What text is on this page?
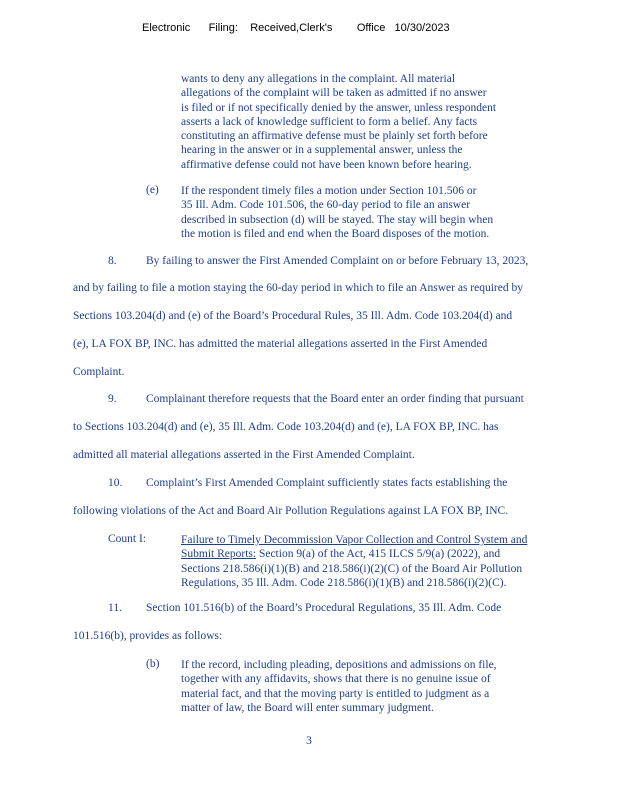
Electronic      Filing:    Received,Clerk's        Office   10/30/2023
wants to deny any allegations in the complaint. All material
allegations of the complaint will be taken as admitted if no answer
is filed or if not specifically denied by the answer, unless respondent
asserts a lack of knowledge sufficient to form a belief. Any facts
constituting an affirmative defense must be plainly set forth before
hearing in the answer or in a supplemental answer, unless the
affirmative defense could not have been known before hearing.
(e) If the respondent timely files a motion under Section 101.506 or
35 Ill. Adm. Code 101.506, the 60-day period to file an answer
described in subsection (d) will be stayed. The stay will begin when
the motion is filed and end when the Board disposes of the motion.
8.	By failing to answer the First Amended Complaint on or before February 13, 2023,
and by failing to file a motion staying the 60-day period in which to file an Answer as required by
Sections 103.204(d) and (e) of the Board’s Procedural Rules, 35 Ill. Adm. Code 103.204(d) and
(e), LA FOX BP, INC. has admitted the material allegations asserted in the First Amended
Complaint.
9.	Complainant therefore requests that the Board enter an order finding that pursuant
to Sections 103.204(d) and (e), 35 Ill. Adm. Code 103.204(d) and (e), LA FOX BP, INC. has
admitted all material allegations asserted in the First Amended Complaint.
10. Complaint’s First Amended Complaint sufficiently states facts establishing the
following violations of the Act and Board Air Pollution Regulations against LA FOX BP, INC.
Count I:	Failure to Timely Decommission Vapor Collection and Control System and
Submit Reports: Section 9(a) of the Act, 415 ILCS 5/9(a) (2022), and
Sections 218.586(i)(1)(B) and 218.586(i)(2)(C) of the Board Air Pollution
Regulations, 35 Ill. Adm. Code 218.586(i)(1)(B) and 218.586(i)(2)(C).
11. Section 101.516(b) of the Board’s Procedural Regulations, 35 Ill. Adm. Code
101.516(b), provides as follows:
(b) If the record, including pleading, depositions and admissions on file,
together with any affidavits, shows that there is no genuine issue of
material fact, and that the moving party is entitled to judgment as a
matter of law, the Board will enter summary judgment.
3
